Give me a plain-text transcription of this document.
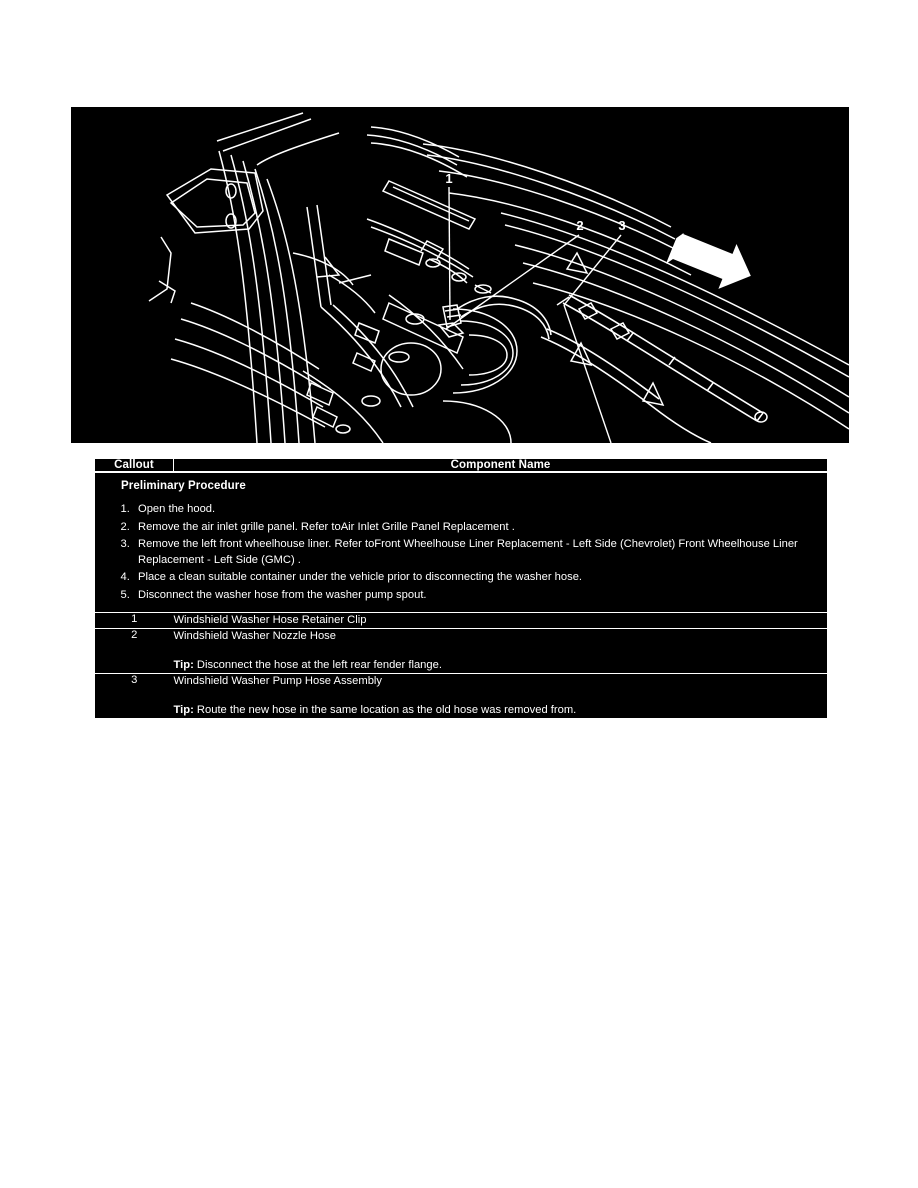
1
2	3
Callout	Component Name

Preliminary Procedure
1. Open the hood.
2. Remove the air inlet grille panel. Refer toAir Inlet Grille Panel Replacement .
3. Remove the left front wheelhouse liner. Refer toFront Wheelhouse Liner Replacement - Left Side (Chevrolet) Front Wheelhouse Liner Replacement - Left Side (GMC) .
4. Place a clean suitable container under the vehicle prior to disconnecting the washer hose.
5. Disconnect the washer hose from the washer pump spout.

1	Windshield Washer Hose Retainer Clip

2	Windshield Washer Nozzle Hose
Tip: Disconnect the hose at the left rear fender flange.

3	Windshield Washer Pump Hose Assembly
Tip: Route the new hose in the same location as the old hose was removed from.
